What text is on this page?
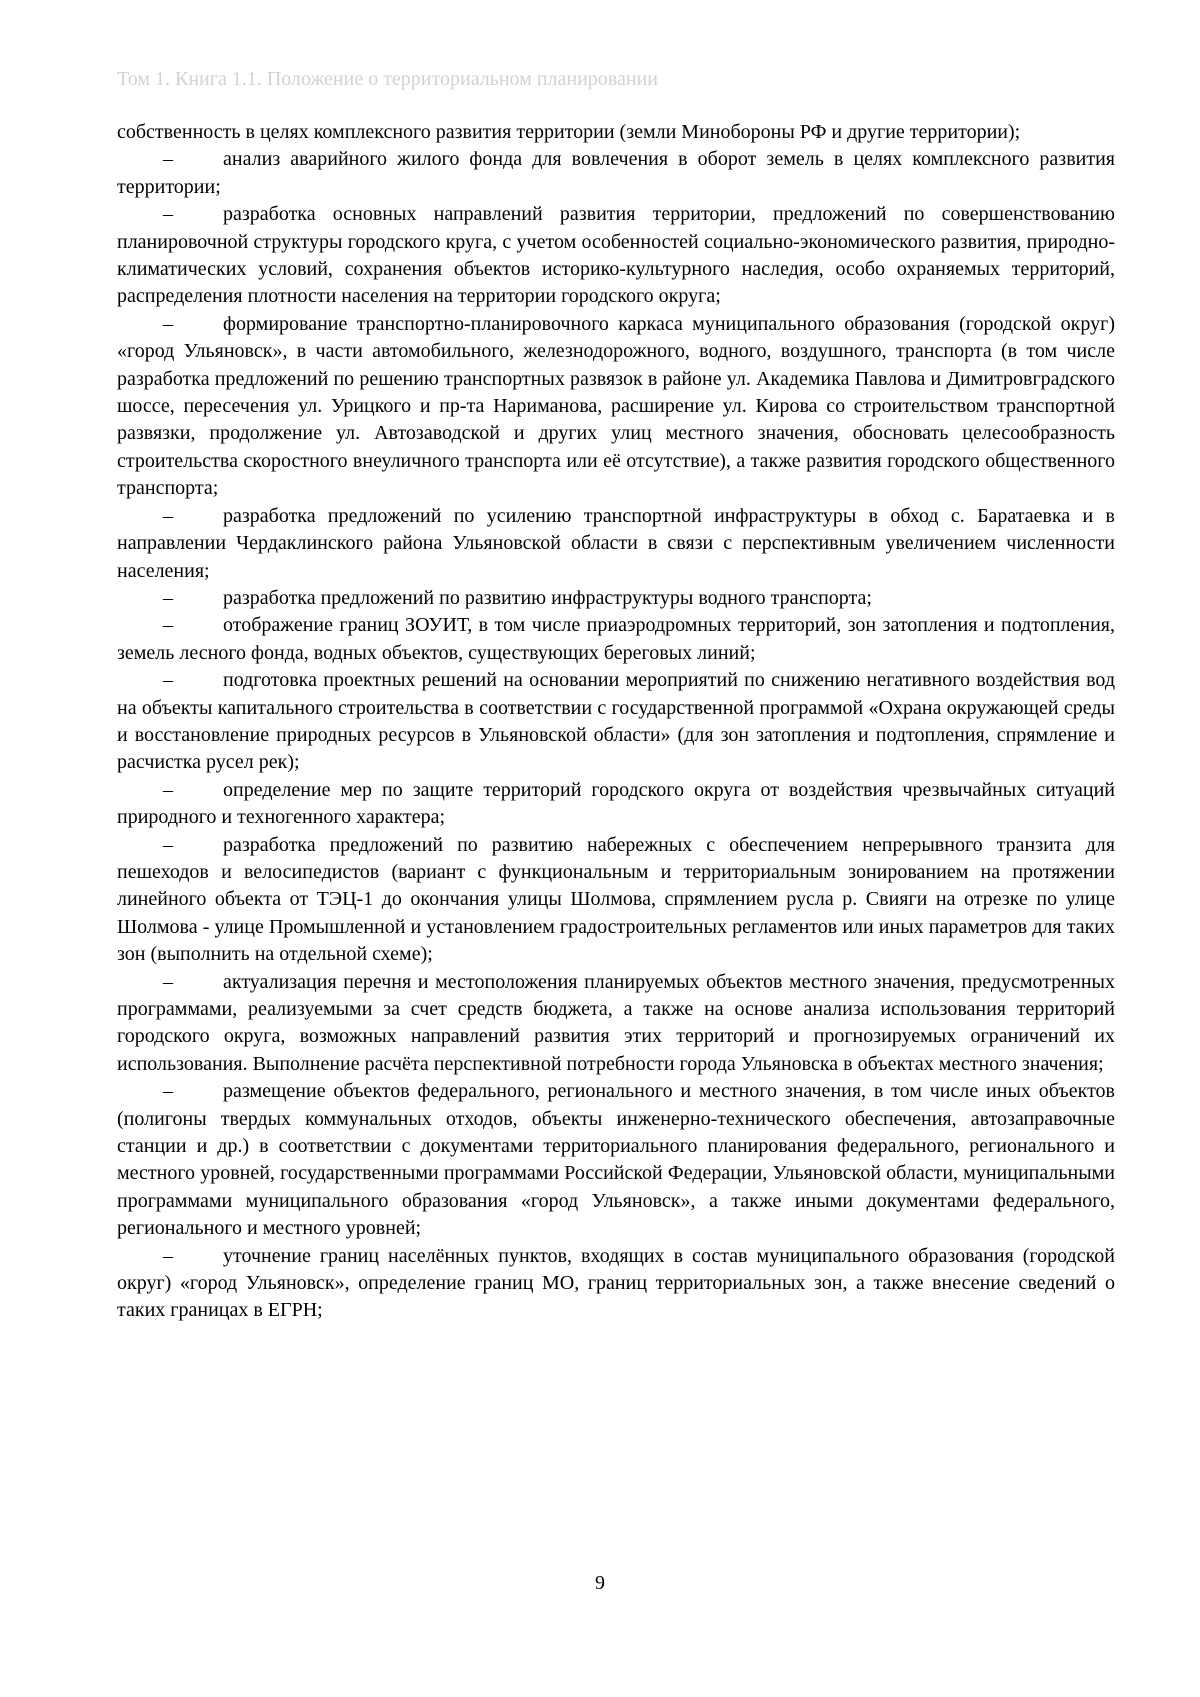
Том 1. Книга 1.1. Положение о территориальном планировании

собственность в целях комплексного развития территории (земли Минобороны РФ и другие территории);

–	анализ аварийного жилого фонда для вовлечения в оборот земель в целях комплексного развития территории;

–	разработка основных направлений развития территории, предложений по совершенствованию планировочной структуры городского круга, с учетом особенностей социально-экономического развития, природно-климатических условий, сохранения объектов историко-культурного наследия, особо охраняемых территорий, распределения плотности населения на территории городского округа;

–	формирование транспортно-планировочного каркаса муниципального образования (городской округ) «город Ульяновск», в части автомобильного, железнодорожного, водного, воздушного, транспорта (в том числе разработка предложений по решению транспортных развязок в районе ул. Академика Павлова и Димитровградского шоссе, пересечения ул. Урицкого и пр-та Нариманова, расширение ул. Кирова со строительством транспортной развязки, продолжение ул. Автозаводской и других улиц местного значения, обосновать целесообразность строительства скоростного внеуличного транспорта или её отсутствие), а также развития городского общественного транспорта;

–	разработка предложений по усилению транспортной инфраструктуры в обход с. Баратаевка и в направлении Чердаклинского района Ульяновской области в связи с перспективным увеличением численности населения;

–	разработка предложений по развитию инфраструктуры водного транспорта;

–	отображение границ ЗОУИТ, в том числе приаэродромных территорий, зон затопления и подтопления, земель лесного фонда, водных объектов, существующих береговых линий;

–	подготовка проектных решений на основании мероприятий по снижению негативного воздействия вод на объекты капитального строительства в соответствии с государственной программой «Охрана окружающей среды и восстановление природных ресурсов в Ульяновской области» (для зон затопления и подтопления, спрямление и расчистка русел рек);

–	определение мер по защите территорий городского округа от воздействия чрезвычайных ситуаций природного и техногенного характера;

–	разработка предложений по развитию набережных с обеспечением непрерывного транзита для пешеходов и велосипедистов (вариант с функциональным и территориальным зонированием на протяжении линейного объекта от ТЭЦ-1 до окончания улицы Шолмова, спрямлением русла р. Свияги на отрезке по улице Шолмова - улице Промышленной и установлением градостроительных регламентов или иных параметров для таких зон (выполнить на отдельной схеме);

–	актуализация перечня и местоположения планируемых объектов местного значения, предусмотренных программами, реализуемыми за счет средств бюджета, а также на основе анализа использования территорий городского округа, возможных направлений развития этих территорий и прогнозируемых ограничений их использования. Выполнение расчёта перспективной потребности города Ульяновска в объектах местного значения;

–	размещение объектов федерального, регионального и местного значения, в том числе иных объектов (полигоны твердых коммунальных отходов, объекты инженерно-технического обеспечения, автозаправочные станции и др.) в соответствии с документами территориального планирования федерального, регионального и местного уровней, государственными программами Российской Федерации, Ульяновской области, муниципальными программами муниципального образования «город Ульяновск», а также иными документами федерального, регионального и местного уровней;

–	уточнение границ населённых пунктов, входящих в состав муниципального образования (городской округ) «город Ульяновск», определение границ МО, границ территориальных зон, а также внесение сведений о таких границах в ЕГРН;

9
